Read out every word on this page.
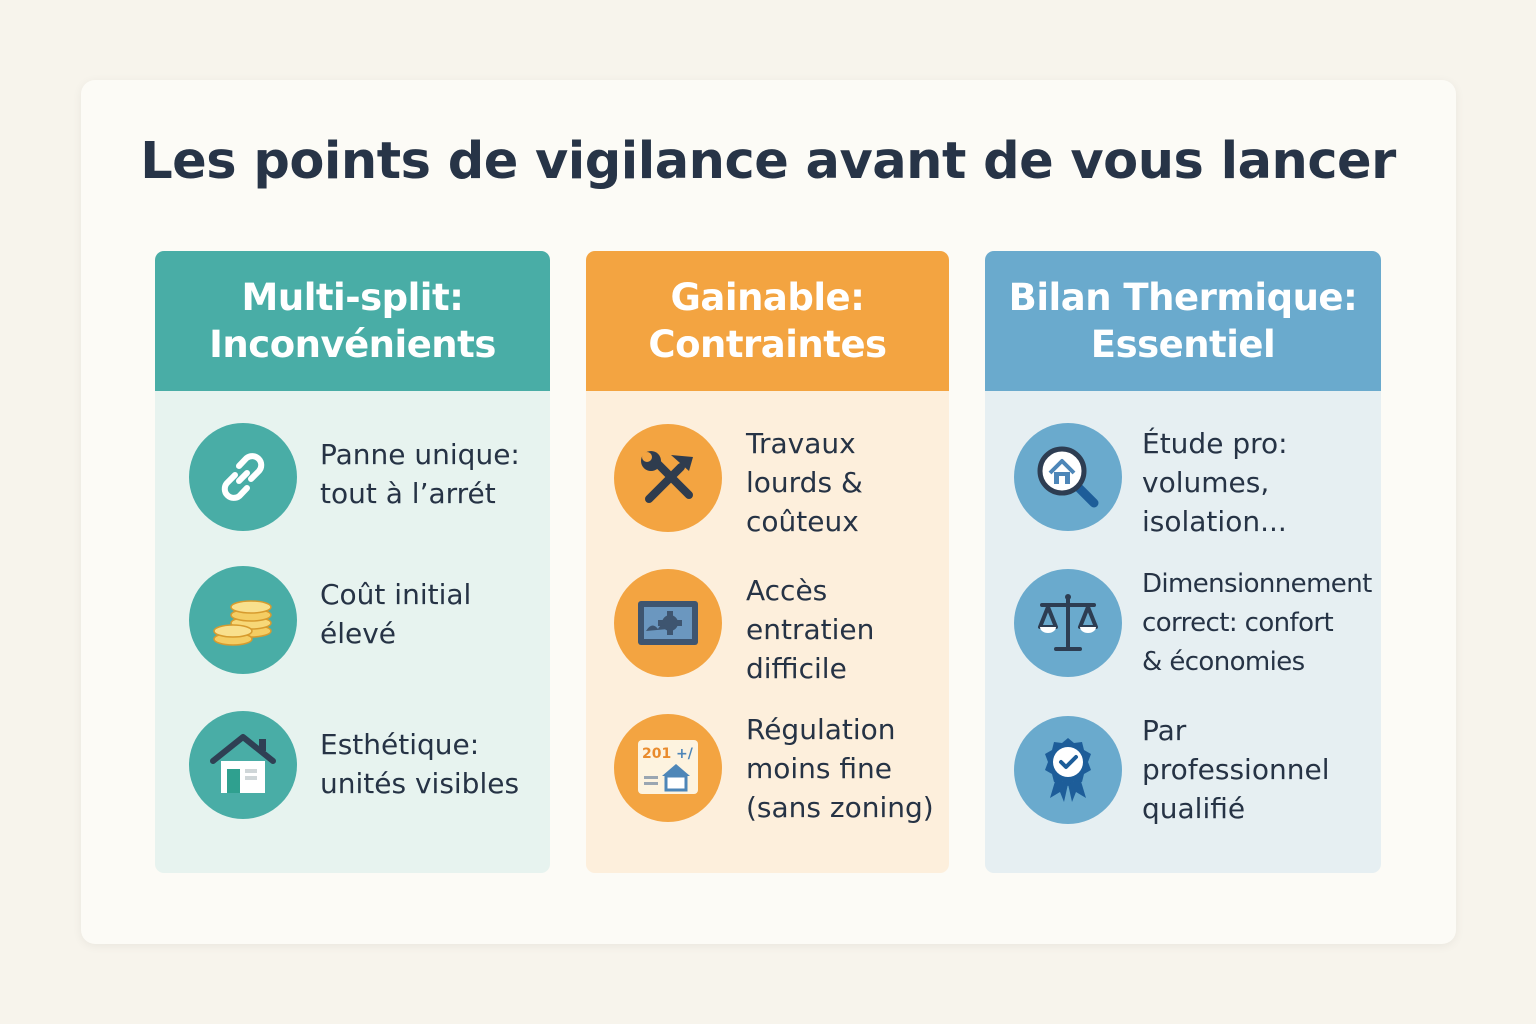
Les points de vigilance avant de vous lancer
Multi-split:
Inconvénients
Panne unique:
tout à l’arrét
Coût initial
élevé
Esthétique:
unités visibles
Gainable:
Contraintes
Travaux
lourds &
coûteux
Accès
entratien
difficile
201 +/
Régulation
moins fine
(sans zoning)
Bilan Thermique:
Essentiel
Étude pro:
volumes,
isolation...
Dimensionnement
correct: confort
& économies
Par
professionnel
qualifié
